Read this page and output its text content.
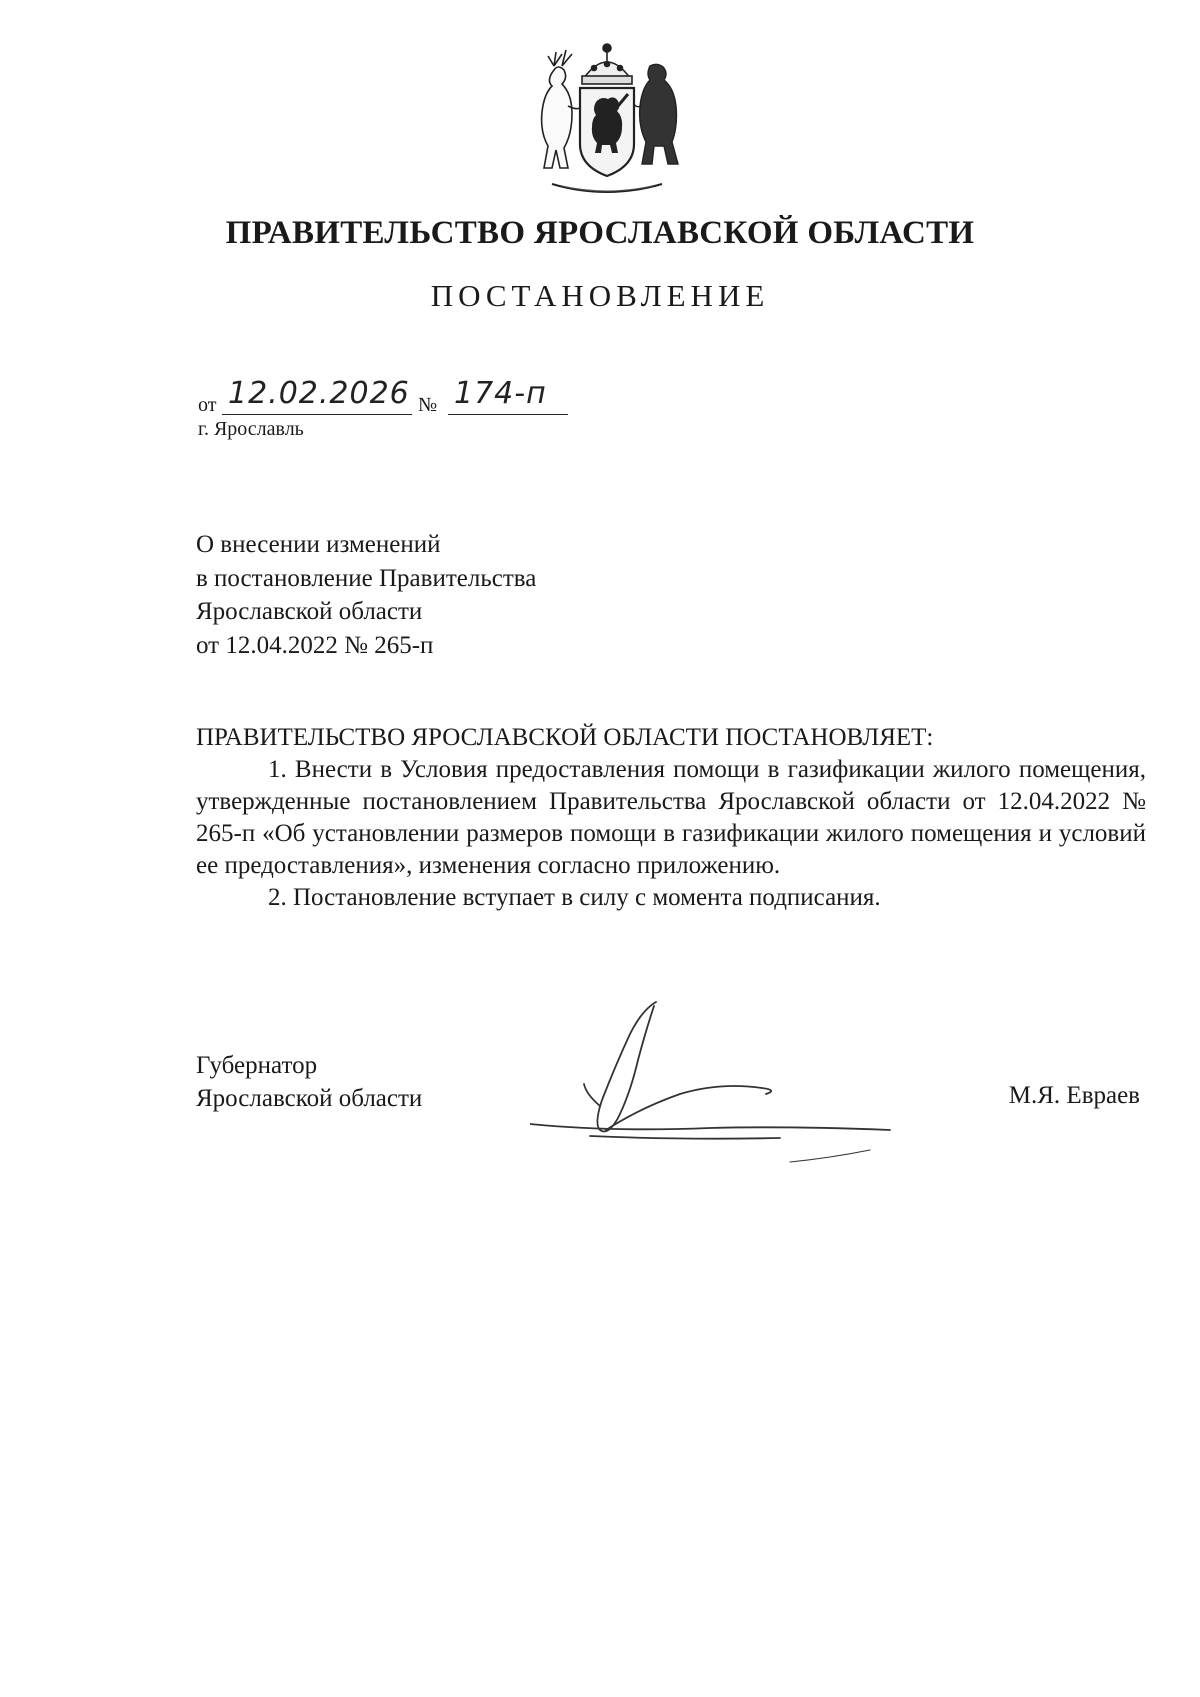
ПРАВИТЕЛЬСТВО ЯРОСЛАВСКОЙ ОБЛАСТИ
ПОСТАНОВЛЕНИЕ
от 12.02.2026 № 174-п
г. Ярославль
О внесении изменений
в постановление Правительства
Ярославской области
от 12.04.2022 № 265-п
ПРАВИТЕЛЬСТВО ЯРОСЛАВСКОЙ ОБЛАСТИ ПОСТАНОВЛЯЕТ:

1. Внести в Условия предоставления помощи в газификации жилого помещения, утвержденные постановлением Правительства Ярославской области от 12.04.2022 № 265-п «Об установлении размеров помощи в газификации жилого помещения и условий ее предоставления», изменения согласно приложению.

2. Постановление вступает в силу с момента подписания.

Губернатор
Ярославской области	М.Я. Евраев
